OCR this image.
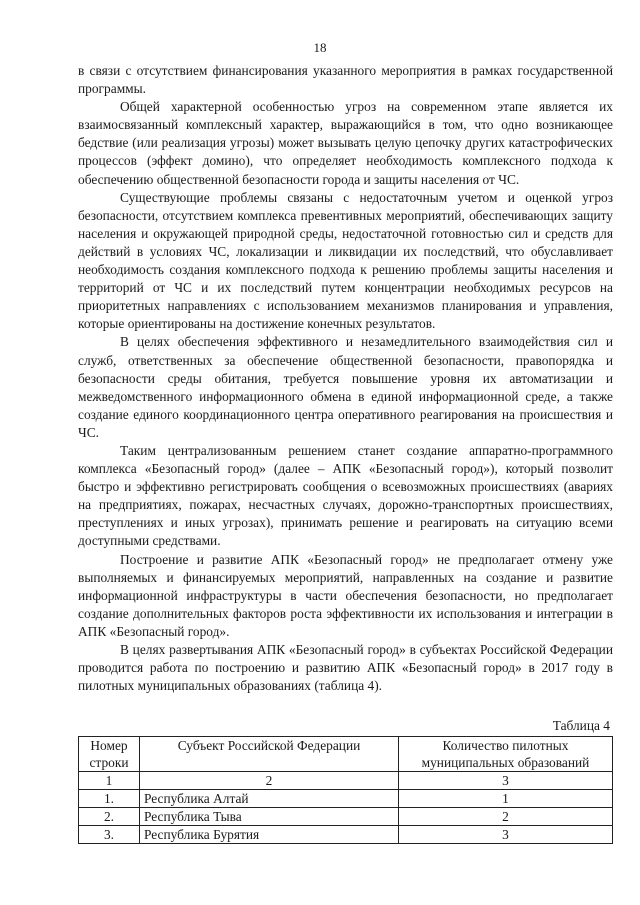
18

в связи с отсутствием финансирования указанного мероприятия в рамках государственной программы.

Общей характерной особенностью угроз на современном этапе является их взаимосвязанный комплексный характер, выражающийся в том, что одно возникающее бедствие (или реализация угрозы) может вызывать целую цепочку других катастрофических процессов (эффект домино), что определяет необходимость комплексного подхода к обеспечению общественной безопасности города и защиты населения от ЧС.

Существующие проблемы связаны с недостаточным учетом и оценкой угроз безопасности, отсутствием комплекса превентивных мероприятий, обеспечивающих защиту населения и окружающей природной среды, недостаточной готовностью сил и средств для действий в условиях ЧС, локализации и ликвидации их последствий, что обуславливает необходимость создания комплексного подхода к решению проблемы защиты населения и территорий от ЧС и их последствий путем концентрации необходимых ресурсов на приоритетных направлениях с использованием механизмов планирования и управления, которые ориентированы на достижение конечных результатов.

В целях обеспечения эффективного и незамедлительного взаимодействия сил и служб, ответственных за обеспечение общественной безопасности, правопорядка и безопасности среды обитания, требуется повышение уровня их автоматизации и межведомственного информационного обмена в единой информационной среде, а также создание единого координационного центра оперативного реагирования на происшествия и ЧС.

Таким централизованным решением станет создание аппаратно-программного комплекса «Безопасный город» (далее – АПК «Безопасный город»), который позволит быстро и эффективно регистрировать сообщения о всевозможных происшествиях (авариях на предприятиях, пожарах, несчастных случаях, дорожно-транспортных происшествиях, преступлениях и иных угрозах), принимать решение и реагировать на ситуацию всеми доступными средствами.

Построение и развитие АПК «Безопасный город» не предполагает отмену уже выполняемых и финансируемых мероприятий, направленных на создание и развитие информационной инфраструктуры в части обеспечения безопасности, но предполагает создание дополнительных факторов роста эффективности их использования и интеграции в АПК «Безопасный город».

В целях развертывания АПК «Безопасный город» в субъектах Российской Федерации проводится работа по построению и развитию АПК «Безопасный город» в 2017 году в пилотных муниципальных образованиях (таблица 4).

Таблица 4
Номер строки	Субъект Российской Федерации	Количество пилотных муниципальных образований
1	2	3
1.	Республика Алтай	1
2.	Республика Тыва	2
3.	Республика Бурятия	3
